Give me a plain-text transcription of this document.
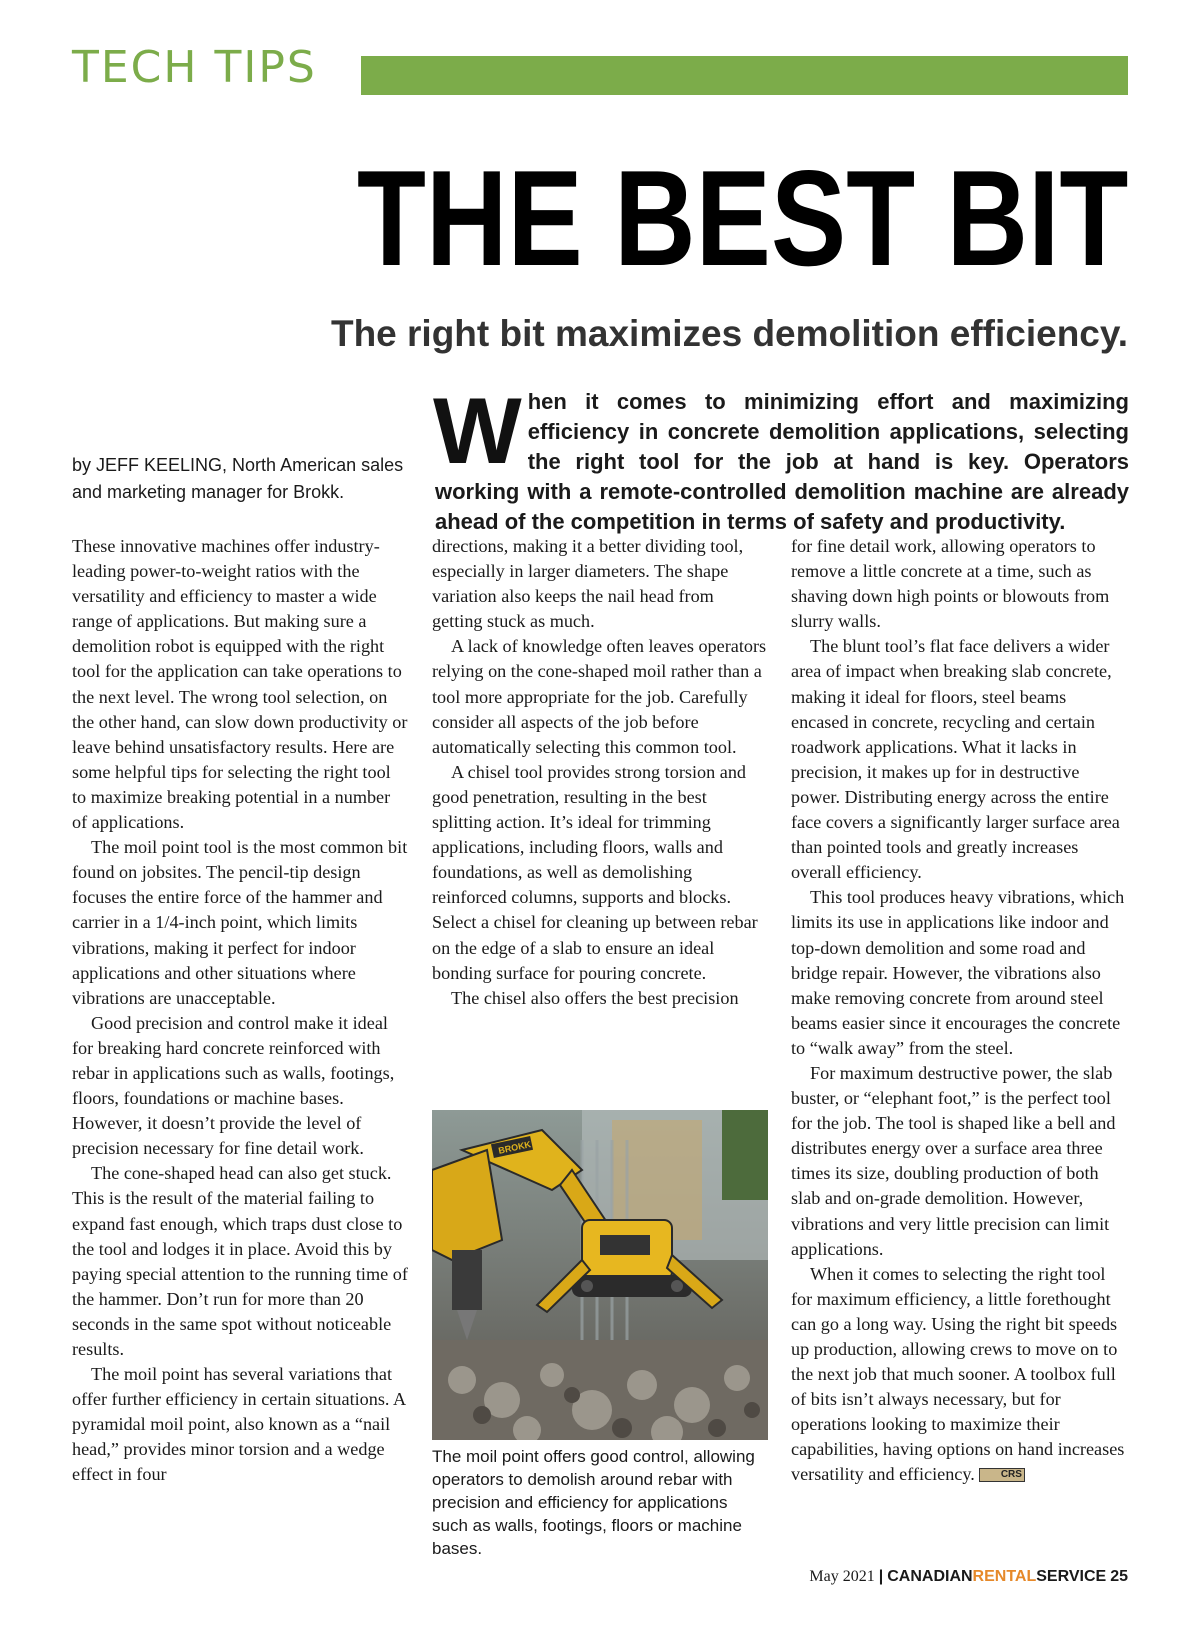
TECH TIPS
THE BEST BIT
The right bit maximizes demolition efficiency.
by JEFF KEELING, North American sales and marketing manager for Brokk.
When it comes to minimizing effort and maximizing efficiency in concrete demolition applications, selecting the right tool for the job at hand is key. Operators working with a remote-controlled demolition machine are already ahead of the competition in terms of safety and productivity.

These innovative machines offer industry-leading power-to-weight ratios with the versatility and efficiency to master a wide range of applications. But making sure a demolition robot is equipped with the right tool for the application can take operations to the next level. The wrong tool selection, on the other hand, can slow down productivity or leave behind unsatisfactory results. Here are some helpful tips for selecting the right tool to maximize breaking potential in a number of applications.

The moil point tool is the most common bit found on jobsites. The pencil-tip design focuses the entire force of the hammer and carrier in a 1/4-inch point, which limits vibrations, making it perfect for indoor applications and other situations where vibrations are unacceptable.

Good precision and control make it ideal for breaking hard concrete reinforced with rebar in applications such as walls, footings, floors, foundations or machine bases. However, it doesn’t provide the level of precision necessary for fine detail work.

The cone-shaped head can also get stuck. This is the result of the material failing to expand fast enough, which traps dust close to the tool and lodges it in place. Avoid this by paying special attention to the running time of the hammer. Don’t run for more than 20 seconds in the same spot without noticeable results.

The moil point has several variations that offer further efficiency in certain situations. A pyramidal moil point, also known as a “nail head,” provides minor torsion and a wedge effect in four

directions, making it a better dividing tool, especially in larger diameters. The shape variation also keeps the nail head from getting stuck as much.

A lack of knowledge often leaves operators relying on the cone-shaped moil rather than a tool more appropriate for the job. Carefully consider all aspects of the job before automatically selecting this common tool.

A chisel tool provides strong torsion and good penetration, resulting in the best splitting action. It’s ideal for trimming applications, including floors, walls and foundations, as well as demolishing reinforced columns, supports and blocks. Select a chisel for cleaning up between rebar on the edge of a slab to ensure an ideal bonding surface for pouring concrete.

The chisel also offers the best precision

BROKK
The moil point offers good control, allowing operators to demolish around rebar with precision and efficiency for applications such as walls, footings, floors or machine bases.

for fine detail work, allowing operators to remove a little concrete at a time, such as shaving down high points or blowouts from slurry walls.

The blunt tool’s flat face delivers a wider area of impact when breaking slab concrete, making it ideal for floors, steel beams encased in concrete, recycling and certain roadwork applications. What it lacks in precision, it makes up for in destructive power. Distributing energy across the entire face covers a significantly larger surface area than pointed tools and greatly increases overall efficiency.

This tool produces heavy vibrations, which limits its use in applications like indoor and top-down demolition and some road and bridge repair. However, the vibrations also make removing concrete from around steel beams easier since it encourages the concrete to “walk away” from the steel.

For maximum destructive power, the slab buster, or “elephant foot,” is the perfect tool for the job. The tool is shaped like a bell and distributes energy over a surface area three times its size, doubling production of both slab and on-grade demolition. However, vibrations and very little precision can limit applications.

When it comes to selecting the right tool for maximum efficiency, a little forethought can go a long way. Using the right bit speeds up production, allowing crews to move on to the next job that much sooner. A toolbox full of bits isn’t always necessary, but for operations looking to maximize their capabilities, having options on hand increases versatility and efficiency.	CRS

May 2021 | CANADIANRENTALSERVICE 25
